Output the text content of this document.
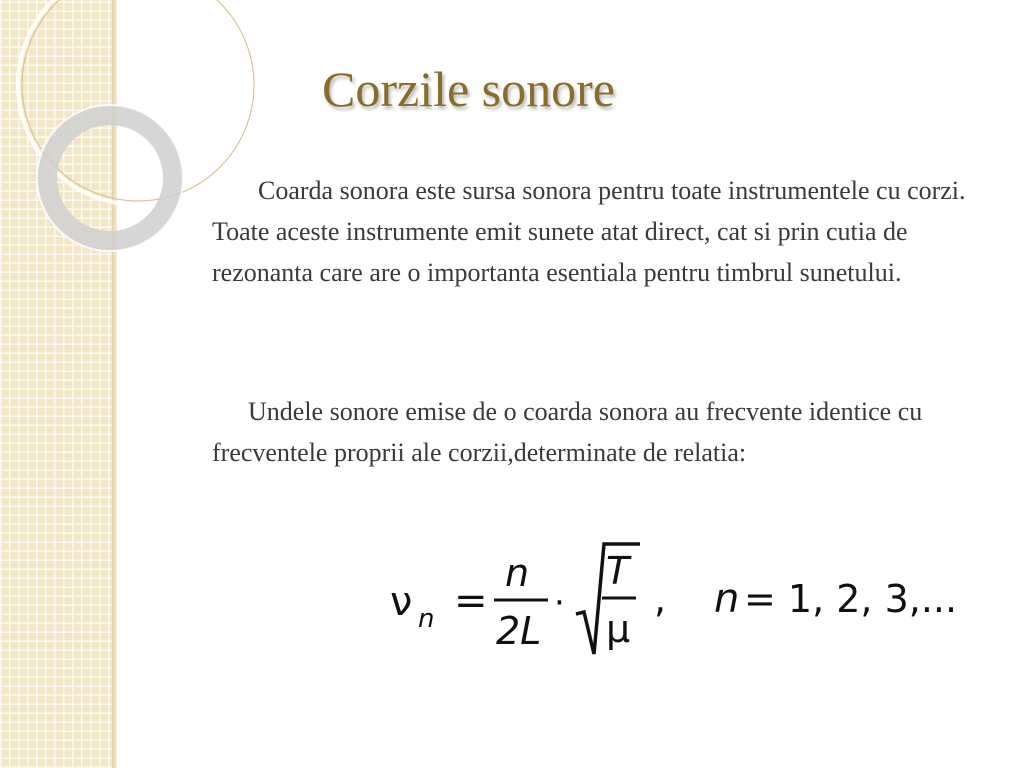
Corzile sonore

Coarda sonora este sursa sonora pentru toate instrumentele cu corzi. Toate aceste instrumente emit sunete atat direct, cat si prin cutia de rezonanta care are o importanta esentiala pentru timbrul sunetului.

Undele sonore emise de o coarda sonora au frecvente identice cu frecventele proprii ale corzii,determinate de relatia:

ν n =
n
2L
·
T
μ
, n = 1, 2, 3,...
